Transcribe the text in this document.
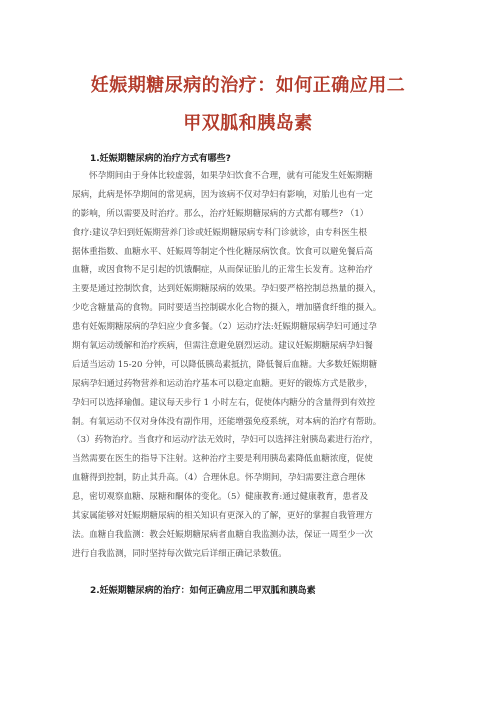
妊娠期糖尿病的治疗：如何正确应用二
甲双胍和胰岛素
1.妊娠期糖尿病的治疗方式有哪些?
怀孕期间由于身体比较虚弱，如果孕妇饮食不合理，就有可能发生妊娠期糖
尿病，此病是怀孕期间的常见病，因为该病不仅对孕妇有影响，对胎儿也有一定
的影响，所以需要及时治疗。那么，治疗妊娠期糖尿病的方式都有哪些? （1）
食疗:建议孕妇到妊娠期营养门诊或妊娠期糖尿病专科门诊就诊，由专科医生根
据体重指数、血糖水平、妊娠周等制定个性化糖尿病饮食。饮食可以避免餐后高
血糖，或因食物不足引起的饥饿酮症，从而保证胎儿的正常生长发育。这种治疗
主要是通过控制饮食，达到妊娠期糖尿病的效果。孕妇要严格控制总热量的摄入，
少吃含糖量高的食物。同时要适当控制碳水化合物的摄入，增加膳食纤维的摄入。
患有妊娠期糖尿病的孕妇应少食多餐。（2）运动疗法:妊娠期糖尿病孕妇可通过孕
期有氧运动缓解和治疗疾病，但需注意避免剧烈运动。建议妊娠期糖尿病孕妇餐
后适当运动 15-20 分钟，可以降低胰岛素抵抗，降低餐后血糖。大多数妊娠期糖
尿病孕妇通过药物营养和运动治疗基本可以稳定血糖。更好的锻炼方式是散步，
孕妇可以选择瑜伽。建议每天步行 1 小时左右，促使体内糖分的含量得到有效控
制。有氧运动不仅对身体没有副作用，还能增强免疫系统，对本病的治疗有帮助。
（3）药物治疗。当食疗和运动疗法无效时，孕妇可以选择注射胰岛素进行治疗，
当然需要在医生的指导下注射。这种治疗主要是利用胰岛素降低血糖浓度，促使
血糖得到控制，防止其升高。（4）合理休息。怀孕期间，孕妇需要注意合理休
息，密切观察血糖、尿糖和酮体的变化。（5）健康教育:通过健康教育，患者及
其家属能够对妊娠期糖尿病的相关知识有更深入的了解，更好的掌握自我管理方
法。血糖自我监测：教会妊娠期糖尿病者血糖自我监测办法，保证一周至少一次
进行自我监测，同时坚持每次做完后详细正确记录数值。
2.妊娠期糖尿病的治疗：如何正确应用二甲双胍和胰岛素
